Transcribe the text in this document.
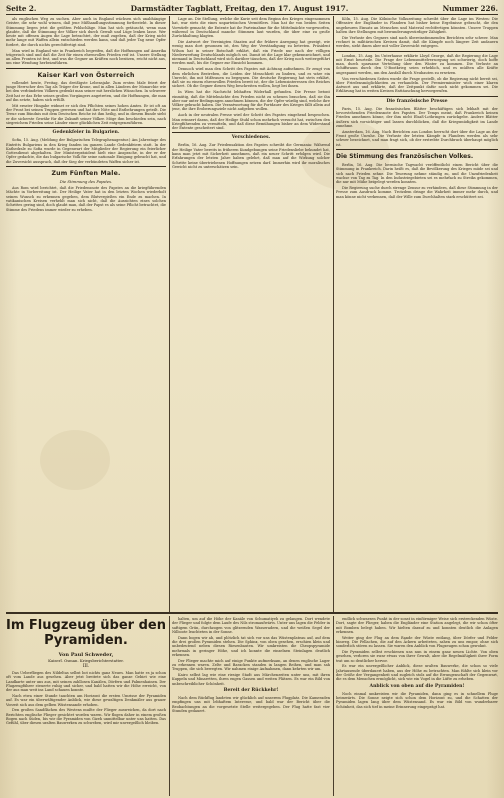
Seite 2.	Darmstädter Tagblatt, Freitag, den 17. August 1917.	Nummer 226.

als englischen Weg zu suchen. Aber auch in England wächsen sich unabhängige Geister, die sehr wohl wissen, daß jene Mißhandlungsstimmung fortbesteht. In dieser Stimmung liegen jetzt die größten Fehlschläge. Man hat sich getäuscht, wenn man glaubte, daß die Stimmung der Völker sich durch Gewalt und Lüge lenken lasse. Wer heute mit offenen Augen die Lage betrachtet, der muß zugeben, daß der Krieg nicht mehr lange mit Waffen allein entschieden werden kann, und daß jeder Tag neue Opfer fordert, die durch nichts gerechtfertigt sind.

Man wird in England wie in Frankreich begreifen, daß die Hoffnungen auf Amerika trügerisch sind und daß die Zeit für einen ehrenvollen Frieden reif ist. Unsere Stellung an allen Fronten ist fest, und was die Gegner an Kräften noch besitzen, reicht nicht aus, um eine Wendung herbeizuführen.

Kaiser Karl von Österreich

vollendet heute, Freitag, das dreißigste Lebensjahr. Zum ersten Male feiert der junge Herrscher den Tag als Träger der Krone, und in allen Ländern der Monarchie wie bei den verbündeten Völkern gedenkt man seiner mit herzlichen Wünschen. In schwerer Zeit hat er das Erbe seines großen Vorgängers angetreten, und die Hoffnungen, die man auf ihn setzte, haben sich erfüllt.

Mit ernster Hingabe widmet er sich den Pflichten seines hohen Amtes. Er ist oft an der Front bei seinen Truppen gewesen und hat ihre Nöte und Entbehrungen geteilt. Die Treue zum Bündnis mit dem Deutschen Reiche ist ihm heilig, und in diesem Bunde sieht er die sicherste Gewähr für die Zukunft seiner Völker. Möge ihm beschieden sein, nach siegreichem Frieden seine Länder einer glücklichen Zeit entgegenzuführen.

Gedenkfeier in Bulgarien.

Sofia, 15. Aug. (Meldung der Bulgarischen Telegraphenagentur.) Am Jahrestage des Eintritts Bulgariens in den Krieg fanden im ganzen Lande Gedenkfeiern statt. In der Kathedrale zu Sofia wurde in Gegenwart der Mitglieder der Regierung ein feierlicher Gottesdienst abgehalten. Der Ministerpräsident hielt eine Ansprache, in der er der Opfer gedachte, die das bulgarische Volk für seine nationale Einigung gebracht hat, und die Zuversicht aussprach, daß der Sieg der verbündeten Waffen sicher ist.

Zum Fünften Male.
Die Stimmung des Papstes.

Aus Rom wird berichtet, daß die Friedensnote des Papstes an die kriegführenden Mächte in Vorbereitung ist. Der Heilige Vater hat in den letzten Wochen wiederholt seinen Wunsch zu erkennen gegeben, dem Blutvergießen ein Ende zu machen. In vatikanischen Kreisen verhehlt man sich nicht, daß die Aussichten eines solchen Schrittes gering sind, doch glaubt man, daß der Papst es als seine Pflicht betrachtet, die Stimme des Friedens immer wieder zu erheben.

Lage an. Die Stellung, welche die Kurie seit dem Beginn des Krieges eingenommen hat, war stets die eines unparteiischen Vermittlers. Man hat ihr von beiden Seiten Vorwürfe gemacht; die Entente hat ihr Parteinahme für die Mittelmächte vorgeworfen, während in Deutschland manche Stimmen laut wurden, die über eine zu große Zurückhaltung klagten.

Die Antwort der Vereinigten Staaten auf die frühere Anregung hat gezeigt, wie wenig man dort gesonnen ist, den Weg der Verständigung zu betreten. Präsident Wilson hat in seiner Botschaft erklärt, daß ein Friede nur nach der völligen Niederwerfung Deutschlands möglich sei. Damit ist die Lage klar gekennzeichnet, und niemand in Deutschland wird sich darüber täuschen, daß der Krieg noch weitergeführt werden muß, bis die Gegner zur Einsicht kommen.

Dennoch wird man den Schritt des Papstes mit Achtung aufnehmen. Er zeugt von dem ehrlichen Bestreben, die Leiden der Menschheit zu lindern, und es wäre ein Unrecht, ihn mit Mißtrauen zu begegnen. Die deutsche Regierung hat stets erklärt, daß sie zu einem ehrenvollen Frieden bereit ist, der die Lebensinteressen des Reiches sichert. Ob die Gegner diesen Weg beschreiten wollen, liegt bei ihnen.

In Wien hat die Nachricht lebhaften Widerhall gefunden. Die Presse betont einmütig, daß die Mittelmächte den Frieden nicht zu scheuen brauchen, daß sie ihn aber nur unter Bedingungen annehmen können, die der Opfer würdig sind, welche ihre Völker gebracht haben. Die Verantwortung für die Fortdauer des Krieges fällt allein auf jene, die ihre Eroberungsziele nicht aufgeben wollen.

Auch in der neutralen Presse wird der Schritt des Papstes eingehend besprochen. Man erinnert daran, daß der Heilige Stuhl schon mehrfach versucht hat, zwischen den Kriegführenden zu vermitteln, und daß diese Bemühungen bisher an dem Widerstand der Entente gescheitert sind.

Verschiedenes.

Berlin, 16. Aug. Zur Friedensaktion des Papstes schreibt die Germania: Während der Heilige Vater bereits in früheren Kundgebungen seine Friedensliebe bekundet hat, kann man jetzt mit Sicherheit annehmen, daß ein neuer Schritt erfolgen wird. Die Erfahrungen der letzten Jahre haben gelehrt, daß man auf die Wirkung solcher Schritte keine übertriebenen Hoffnungen setzen darf. Immerhin wird ihr moralisches Gewicht nicht zu unterschätzen sein.

Köln, 15. Aug. Die Kölnische Volkszeitung schreibt über die Lage im Westen: Die Offensive der Engländer in Flandern hat bisher keine Ergebnisse gebracht, die den ungeheuren Einsatz an Menschen und Material rechtfertigen könnten. Unsere Truppen halten ihre Stellungen mit bewunderungswürdiger Zähigkeit.

Die Verluste des Gegners sind nach übereinstimmenden Berichten sehr schwer. Man rechnet in militärischen Kreisen damit, daß die Kämpfe noch längere Zeit andauern werden, sieht ihnen aber mit voller Zuversicht entgegen.

London, 15. Aug. Im Unterhause erklärte Lloyd George, daß die Regierung die Lage mit Ernst beurteile. Die Frage der Lebensmittelversorgung sei schwierig, doch hoffe man, durch sparsame Verteilung über den Winter zu kommen. Die Verluste an Schiffsraum durch den U-Bootkrieg seien erheblich, und es müßten alle Kräfte angespannt werden, um den Ausfall durch Neubauten zu ersetzen.

Von verschiedenen Seiten wurde die Frage gestellt, ob die Regierung nicht bereit sei, über Friedensmöglichkeiten zu verhandeln. Der Premierminister wich einer klaren Antwort aus und erklärte, daß der Zeitpunkt dafür noch nicht gekommen sei. Die Erklärung hat in weiten Kreisen Enttäuschung hervorgerufen.

Die französische Presse

Paris, 15. Aug. Die französischen Blätter beschäftigen sich lebhaft mit der bevorstehenden Friedensnote des Papstes. Der Temps meint, daß Frankreich keinen Frieden annehmen könne, der ihm nicht Elsaß-Lothringen zurückgebe. Andere Blätter äußern sich vorsichtiger und lassen durchblicken, daß die Kriegsmüdigkeit im Lande zunehme.

Amsterdam, 16. Aug. Nach Berichten aus London herrscht dort über die Lage an der Front große Unruhe. Die Verluste der letzten Kämpfe in Flandern werden als sehr schwer bezeichnet, und man fragt sich, ob der erstrebte Durchbruch überhaupt möglich ist.

Die Stimmung des französischen Volkes.

Berlin, 16. Aug. Die bernische Tagwacht veröffentlicht einen Bericht über die Stimmung in Frankreich. Darin heißt es, daß die Bevölkerung des Krieges müde sei und sich nach Frieden sehne. Die Teuerung nehme ständig zu, und die Unzufriedenheit wachse von Tag zu Tag. In den Industriegebieten sei es mehrfach zu Streiks gekommen, die nur mit Mühe beigelegt werden konnten.

Die Regierung suche durch strenge Zensur zu verhindern, daß diese Stimmung in der Presse zum Ausdruck komme. Trotzdem dringe die Wahrheit immer mehr durch, und man könne nicht verkennen, daß der Wille zum Durchhalten stark erschüttert sei.

Im Flugzeug über den Pyramiden.
Von Paul Schweder,
Kaiserl. Osman. Kriegsberichterstatter.
III.

Das Ueberfliegen des Nildeltas selbst bot nichts ganz Neues. Man hatte es ja schon oft vom Lande aus gesehen. Aber jetzt breitete sich das ganze Gebiet wie eine Landkarte unter uns aus, mit seinen zahllosen Kanälen, Dörfern und Palmenhainen. Der Flugzeugführer steuerte ruhig und sicher, und bald hatten wir die Höhe erreicht, von der aus man weit ins Land schauen konnte.

Nach etwa einer Stunde tauchten am Horizont die ersten Umrisse der Pyramiden auf. Es war ein überwältigender Anblick, wie diese gewaltigen Denkmäler aus grauer Vorzeit sich aus dem gelben Wüstensande erhoben.

Den großen Sandflächen des Westens mußte der Flieger ausweichen, da dort nach Berichten englische Flieger gesichtet worden waren. Wir flogen daher in einem großen Bogen nach Süden, bis wir die Pyramiden von Gizeh unmittelbar unter uns hatten. Das Gefühl, über diesen uralten Bauwerken zu schweben, wird mir unvergeßlich bleiben.

halten, um auf die Höhe der Kanäle von Schumatiyeh zu gelangen. Dort wendete der Flieger und folgte dem Laufe des Nils stromaufwärts. Unter uns lagen die Felder in saftigem Grün, durchzogen von glitzernden Wasseradern, und die weißen Segel der Nilboote leuchteten in der Sonne.

Dann bogen wir ab, und plötzlich tat sich vor uns das Wüstenplateau auf, auf dem die drei großen Pyramiden stehen. Die Sphinx, von oben gesehen, erschien klein und unbedeutend neben diesen Riesenbauten. Wir umkreisten die Cheopspyramide mehrmals in geringer Höhe, und ich konnte die einzelnen Steinlagen deutlich erkennen.

Der Flieger machte mich auf einige Punkte aufmerksam, an denen englische Lager zu erkennen waren. Zelte und Baracken standen in langen Reihen, und man sah Truppen, die sich bewegten. Wir nahmen einige Aufnahmen, dann kehrten wir um.

Kairo selbst lag wie eine riesige Stadt aus Märchenzeiten unter uns, mit ihren Kuppeln und Minaretten, ihren engen Gassen und weiten Plätzen. Es war ein Bild von unbeschreiblicher Schönheit.

Bereit der Rückkehr!

Nach dem Rückflug landeten wir glücklich auf unserem Flugplatz. Die Kameraden empfingen uns mit lebhaftem Interesse, und bald war der Bericht über die Beobachtungen an die vorgesetzte Stelle weitergegeben. Der Flug hatte fast vier Stunden gedauert.

endlich schwarzen Punkt in der sonst in einförmiger Weise sich erstreckenden Wüste. Dort, sagte der Flieger, haben die Engländer eine Station angelegt, die wir schon öfter mit Bomben belegt haben. Wir hielten darauf zu und konnten deutlich die Anlagen erkennen.

Weiter ging der Flug an dem Rande der Wüste entlang, über Dörfer und Felder hinweg. Die Fellachen, die auf den Äckern arbeiteten, sahen zu uns empor, ohne sich sonderlich stören zu lassen. Sie waren den Anblick von Flugzeugen schon gewohnt.

Die Pyramiden selbst erschienen uns nun in einem ganz neuen Lichte. Von oben gesehen, verloren sie zwar etwas von ihrer Gewalt, aber die Regelmäßigkeit ihrer Form trat um so deutlicher hervor.

Es war ein unvergeßlicher Anblick, diese uralten Bauwerke, die schon so viele Jahrtausende überdauert haben, aus der Höhe zu betrachten. Man fühlte sich klein vor der Größe der Vergangenheit und zugleich stolz auf die Errungenschaft der Gegenwart, die es dem Menschen ermöglicht, sich wie ein Vogel in die Lüfte zu erheben.

Anblick von oben auf die Pyramiden!

Noch einmal umkreisten wir die Pyramiden, dann ging es in schnellem Fluge heimwärts. Die Sonne neigte sich schon dem Horizont zu, und die Schatten der Pyramiden lagen lang über dem Wüstensand. Es war ein Bild von wunderbarer Schönheit, das sich tief in meine Erinnerung eingeprägt hat.
